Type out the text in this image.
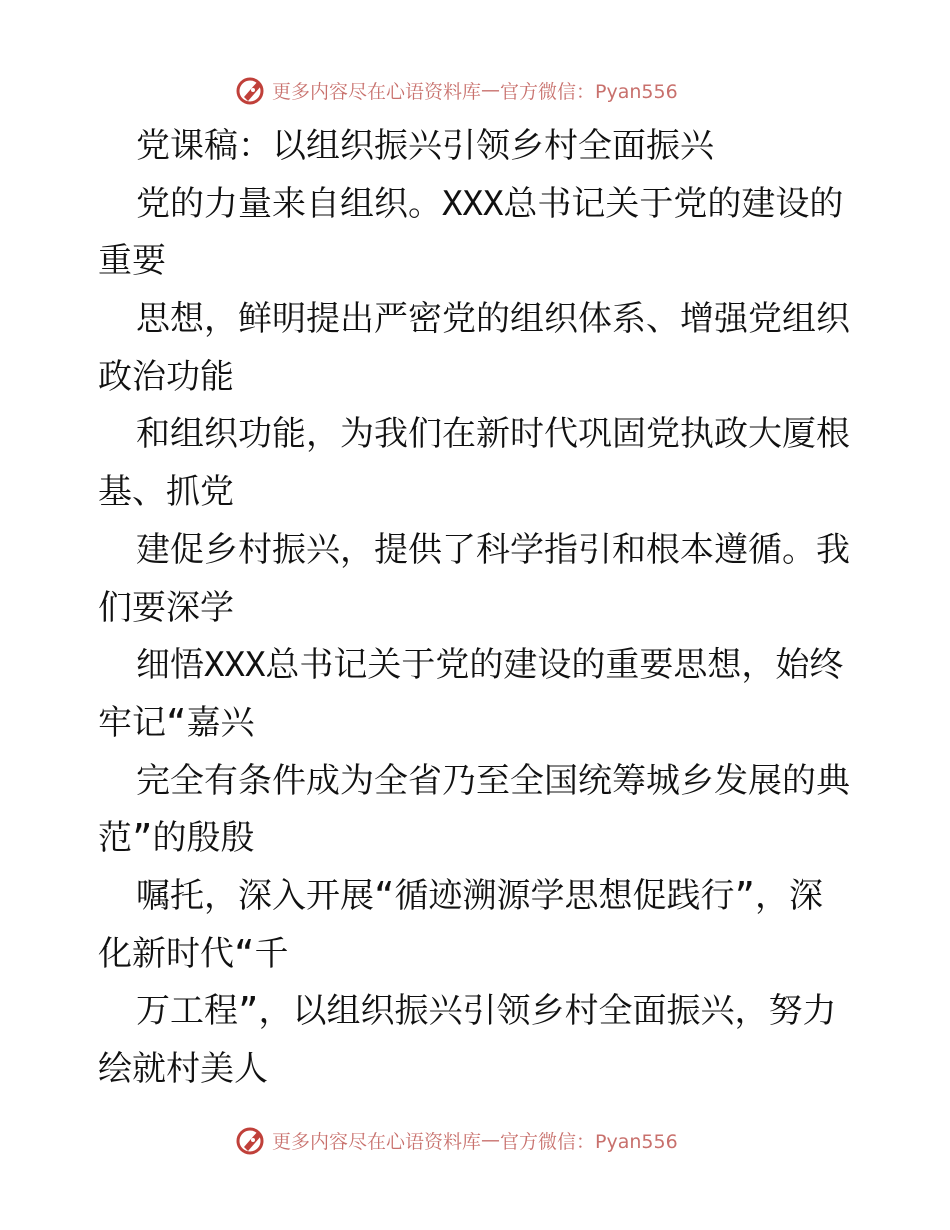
更多内容尽在心语资料库 — 官方微信：Pyan556
党课稿：以组织振兴引领乡村全面振兴
党的力量来自组织。XXX总书记关于党的建设的
重要
思想，鲜明提出严密党的组织体系、增强党组织
政治功能
和组织功能，为我们在新时代巩固党执政大厦根
基、抓党
建促乡村振兴，提供了科学指引和根本遵循。我
们要深学
细悟XXX总书记关于党的建设的重要思想，始终
牢记“嘉兴
完全有条件成为全省乃至全国统筹城乡发展的典
范”的殷殷
嘱托，深入开展“循迹溯源学思想促践行”，深
化新时代“千
万工程”，以组织振兴引领乡村全面振兴，努力
绘就村美人
更多内容尽在心语资料库 — 官方微信：Pyan556
